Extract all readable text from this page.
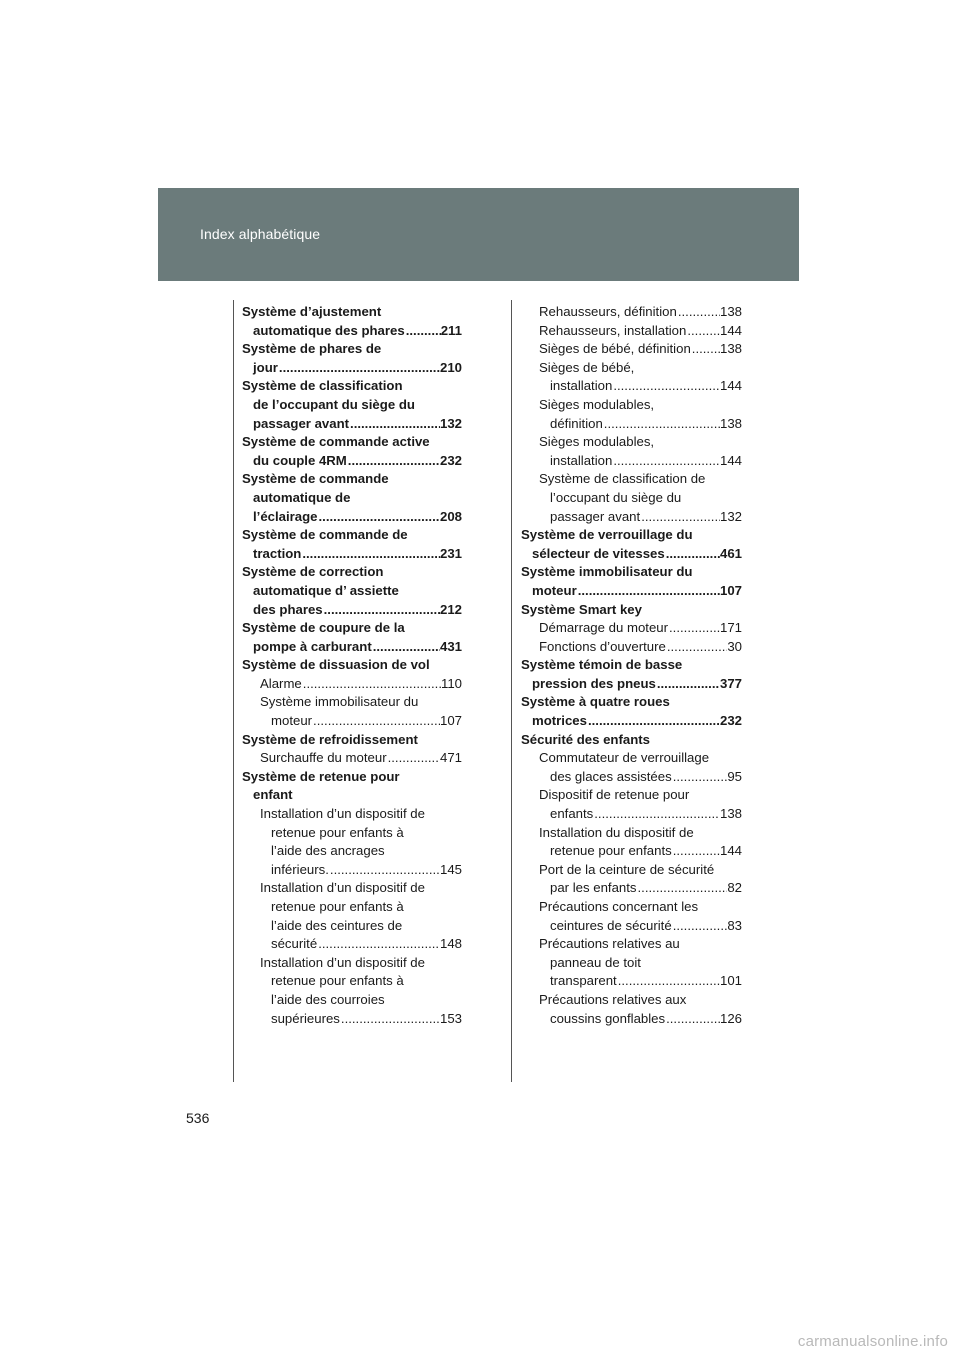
Index alphabétique
Système d’ajustement
automatique des phares .....	211
Système de phares de
jour .....	210
Système de classification
de l’occupant du siège du
passager avant .....	132
Système de commande active
du couple 4RM .....	232
Système de commande
automatique de
l’éclairage .....	208
Système de commande de
traction .....	231
Système de correction
automatique d’ assiette
des phares .....	212
Système de coupure de la
pompe à carburant .....	431
Système de dissuasion de vol
Alarme .....	110
Système immobilisateur du
moteur .....	107
Système de refroidissement
Surchauffe du moteur .....	471
Système de retenue pour
enfant
Installation d’un dispositif de
retenue pour enfants à
l’aide des ancrages
inférieurs. .....	145
Installation d’un dispositif de
retenue pour enfants à
l’aide des ceintures de
sécurité .....	148
Installation d’un dispositif de
retenue pour enfants à
l’aide des courroies
supérieures .....	153
Rehausseurs, définition .....	138
Rehausseurs, installation .....	144
Sièges de bébé, définition ..... 138
Sièges de bébé,
installation .....	144
Sièges modulables,
définition .....	138
Sièges modulables,
installation .....	144
Système de classification de
l’occupant du siège du
passager avant .....	132
Système de verrouillage du
sélecteur de vitesses .....	461
Système immobilisateur du
moteur .....	107
Système Smart key
Démarrage du moteur .....	171
Fonctions d’ouverture .....	30
Système témoin de basse
pression des pneus .....	377
Système à quatre roues
motrices .....	232
Sécurité des enfants
Commutateur de verrouillage
des glaces assistées .....	95
Dispositif de retenue pour
enfants .....	138
Installation du dispositif de
retenue pour enfants .....	144
Port de la ceinture de sécurité
par les enfants .....	82
Précautions concernant les
ceintures de sécurité .....	83
Précautions relatives au
panneau de toit
transparent .....	101
Précautions relatives aux
coussins gonflables .....	126
536
carmanualsonline.info
